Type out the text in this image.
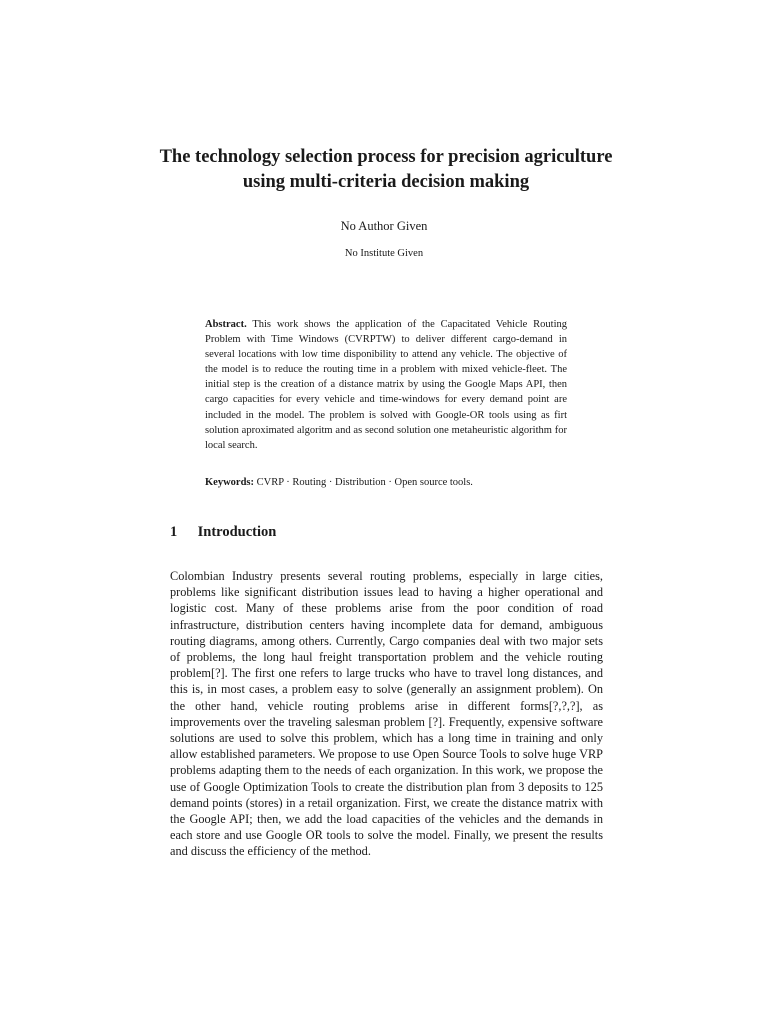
The technology selection process for precision agriculture using multi-criteria decision making
No Author Given
No Institute Given
Abstract. This work shows the application of the Capacitated Vehicle Routing Problem with Time Windows (CVRPTW) to deliver different cargo-demand in several locations with low time disponibility to attend any vehicle. The objective of the model is to reduce the routing time in a problem with mixed vehicle-fleet. The initial step is the creation of a distance matrix by using the Google Maps API, then cargo capacities for every vehicle and time-windows for every demand point are included in the model. The problem is solved with Google-OR tools using as firt solution aproximated algoritm and as second solution one metaheuristic algorithm for local search.
Keywords: CVRP · Routing · Distribution · Open source tools.
1 Introduction
Colombian Industry presents several routing problems, especially in large cities, problems like significant distribution issues lead to having a higher operational and logistic cost. Many of these problems arise from the poor condition of road infrastructure, distribution centers having incomplete data for demand, ambiguous routing diagrams, among others. Currently, Cargo companies deal with two major sets of problems, the long haul freight transportation problem and the vehicle routing problem[?]. The first one refers to large trucks who have to travel long distances, and this is, in most cases, a problem easy to solve (generally an assignment problem). On the other hand, vehicle routing problems arise in different forms[?,?,?], as improvements over the traveling salesman problem [?]. Frequently, expensive software solutions are used to solve this problem, which has a long time in training and only allow established parameters. We propose to use Open Source Tools to solve huge VRP problems adapting them to the needs of each organization. In this work, we propose the use of Google Optimization Tools to create the distribution plan from 3 deposits to 125 demand points (stores) in a retail organization. First, we create the distance matrix with the Google API; then, we add the load capacities of the vehicles and the demands in each store and use Google OR tools to solve the model. Finally, we present the results and discuss the efficiency of the method.
